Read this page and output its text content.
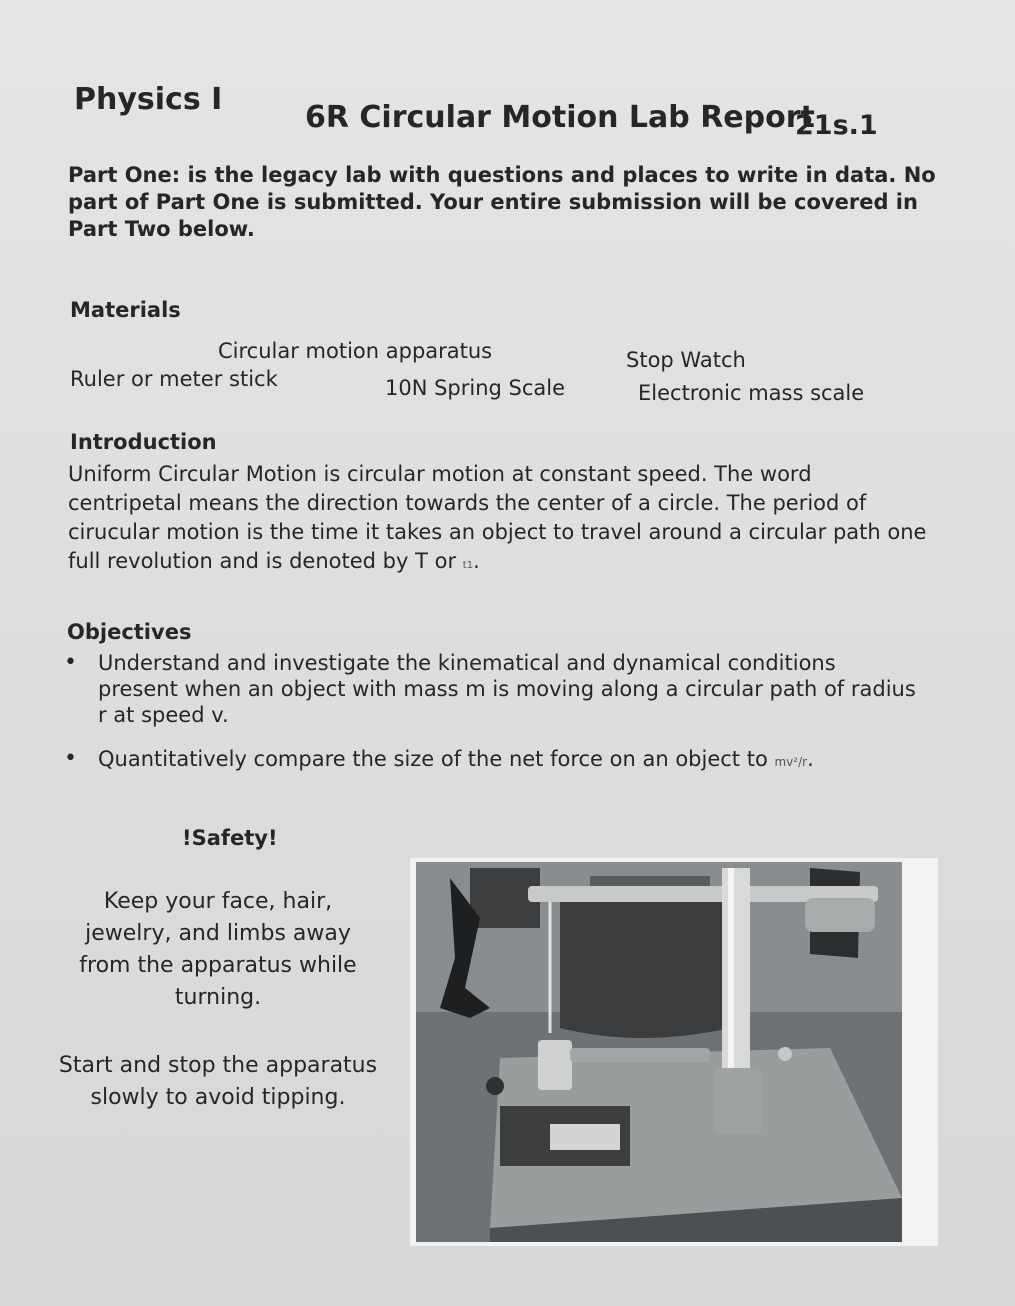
Physics I
6R Circular Motion Lab Report
21s.1

Part One: is the legacy lab with questions and places to write in data. No part of Part One is submitted. Your entire submission will be covered in Part Two below.

Materials
Circular motion apparatus	Stop Watch
Ruler or meter stick	10N Spring Scale	Electronic mass scale
Introduction

Uniform Circular Motion is circular motion at constant speed. The word centripetal means the direction towards the center of a circle. The period of cirucular motion is the time it takes an object to travel around a circular path one full revolution and is denoted by T or t1.

Objectives
• Understand and investigate the kinematical and dynamical conditions present when an object with mass m is moving along a circular path of radius r at speed v.
• Quantitatively compare the size of the net force on an object to mv²/r.
!Safety!

Keep your face, hair, jewelry, and limbs away from the apparatus while turning.

Start and stop the apparatus slowly to avoid tipping.
